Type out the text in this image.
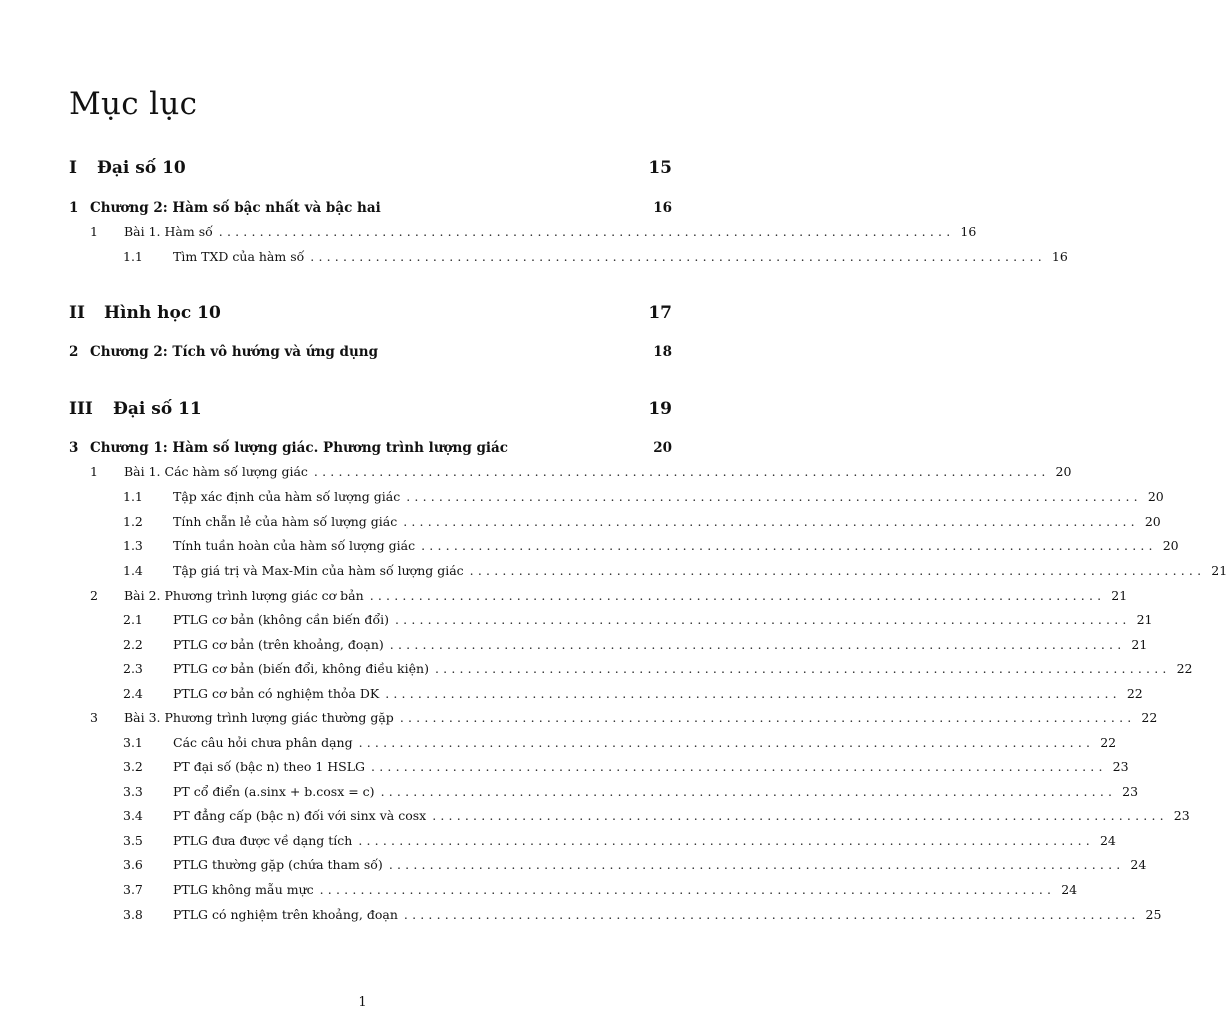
Mục lục
I	Đại số 10	15
1 Chương 2: Hàm số bậc nhất và bậc hai	16
1	Bài 1. Hàm số .......................................................................................... 16
1.1	Tìm TXD của hàm số .......................................................................................... 16
II	Hình học 10	17
2 Chương 2: Tích vô hướng và ứng dụng	18
III	Đại số 11	19
3 Chương 1: Hàm số lượng giác. Phương trình lượng giác	20
1	Bài 1. Các hàm số lượng giác .......................................................................................... 20
1.1	Tập xác định của hàm số lượng giác .......................................................................................... 20
1.2	Tính chẵn lẻ của hàm số lượng giác .......................................................................................... 20
1.3	Tính tuần hoàn của hàm số lượng giác .......................................................................................... 20
1.4	Tập giá trị và Max-Min của hàm số lượng giác .......................................................................................... 21
2	Bài 2. Phương trình lượng giác cơ bản .......................................................................................... 21
2.1	PTLG cơ bản (không cần biến đổi) .......................................................................................... 21
2.2	PTLG cơ bản (trên khoảng, đoạn) .......................................................................................... 21
2.3	PTLG cơ bản (biến đổi, không điều kiện) .......................................................................................... 22
2.4	PTLG cơ bản có nghiệm thỏa DK .......................................................................................... 22
3	Bài 3. Phương trình lượng giác thường gặp .......................................................................................... 22
3.1	Các câu hỏi chưa phân dạng .......................................................................................... 22
3.2	PT đại số (bậc n) theo 1 HSLG .......................................................................................... 23
3.3	PT cổ điển (a.sinx + b.cosx = c) .......................................................................................... 23
3.4	PT đẳng cấp (bậc n) đối với sinx và cosx .......................................................................................... 23
3.5	PTLG đưa được về dạng tích .......................................................................................... 24
3.6	PTLG thường gặp (chứa tham số) .......................................................................................... 24
3.7	PTLG không mẫu mực .......................................................................................... 24
3.8	PTLG có nghiệm trên khoảng, đoạn .......................................................................................... 25
1
